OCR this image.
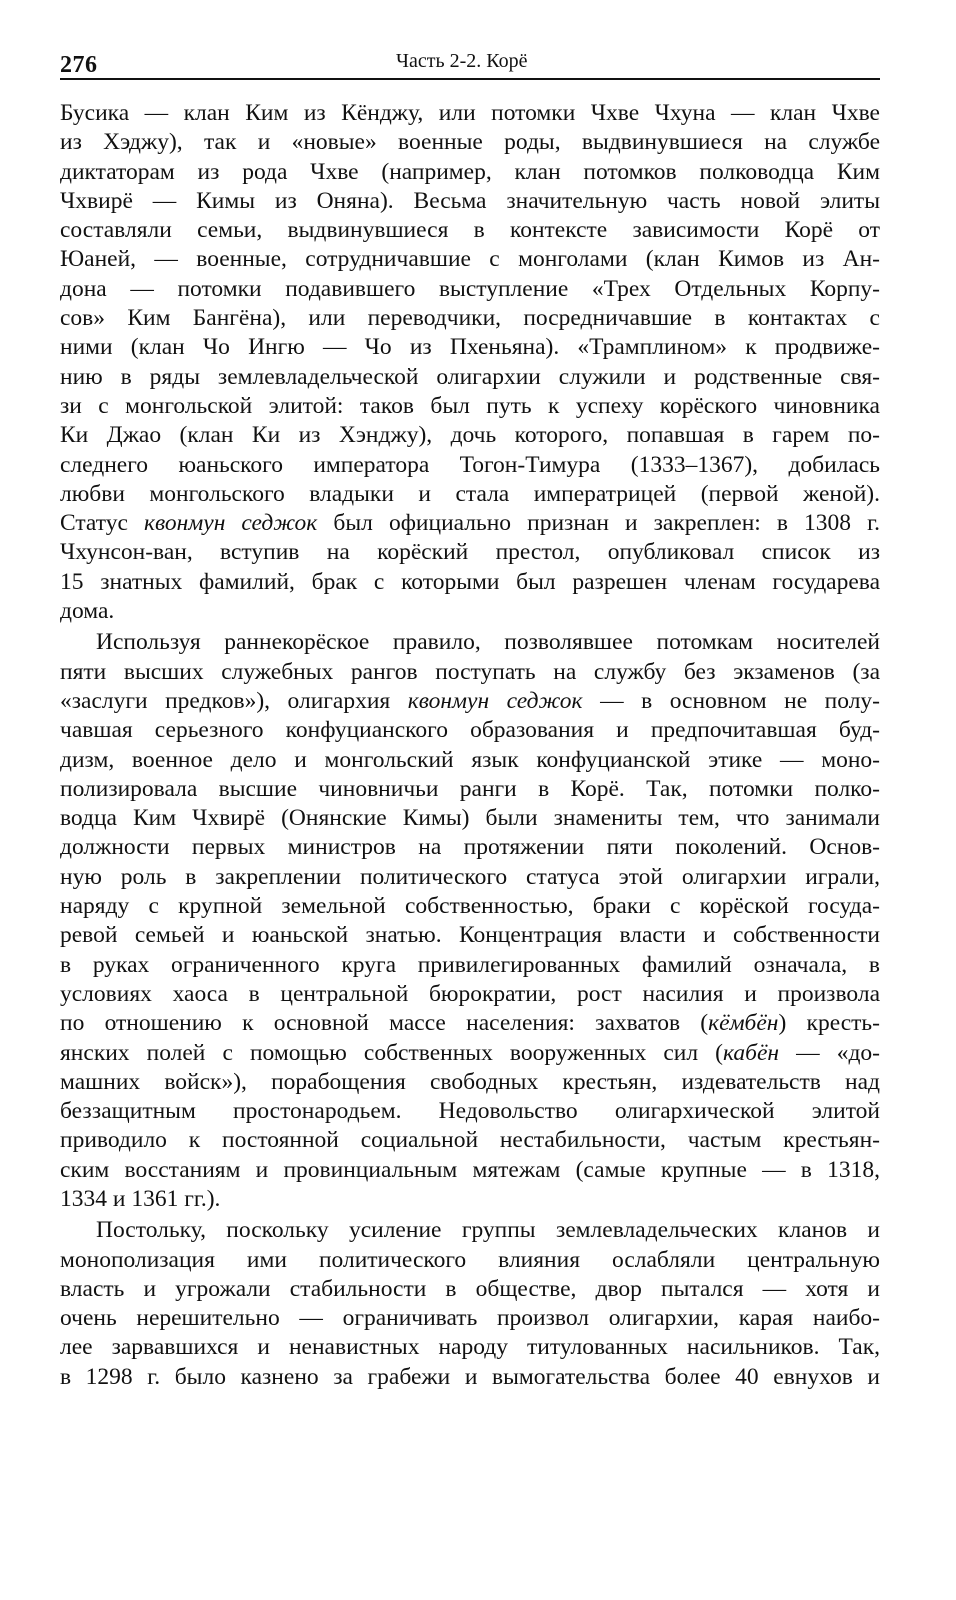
276	Часть 2-2. Корё
Бусика — клан Ким из Кёнджу, или потомки Чхве Чхуна — клан Чхве
из Хэджу), так и «новые» военные роды, выдвинувшиеся на службе
диктаторам из рода Чхве (например, клан потомков полководца Ким
Чхвирё — Кимы из Оняна). Весьма значительную часть новой элиты
составляли семьи, выдвинувшиеся в контексте зависимости Корё от
Юаней, — военные, сотрудничавшие с монголами (клан Кимов из Ан-
дона — потомки подавившего выступление «Трех Отдельных Корпу-
сов» Ким Бангёна), или переводчики, посредничавшие в контактах с
ними (клан Чо Ингю — Чо из Пхеньяна). «Трамплином» к продвиже-
нию в ряды землевладельческой олигархии служили и родственные свя-
зи с монгольской элитой: таков был путь к успеху корёского чиновника
Ки Джао (клан Ки из Хэнджу), дочь которого, попавшая в гарем по-
следнего юаньского императора Тогон-Тимура (1333–1367), добилась
любви монгольского владыки и стала императрицей (первой женой).
Статус квонмун седжок был официально признан и закреплен: в 1308 г.
Чхунсон-ван, вступив на корёский престол, опубликовал список из
15 знатных фамилий, брак с которыми был разрешен членам государева
дома.
Используя раннекорёское правило, позволявшее потомкам носителей
пяти высших служебных рангов поступать на службу без экзаменов (за
«заслуги предков»), олигархия квонмун седжок — в основном не полу-
чавшая серьезного конфуцианского образования и предпочитавшая буд-
дизм, военное дело и монгольский язык конфуцианской этике — моно-
полизировала высшие чиновничьи ранги в Корё. Так, потомки полко-
водца Ким Чхвирё (Онянские Кимы) были знамениты тем, что занимали
должности первых министров на протяжении пяти поколений. Основ-
ную роль в закреплении политического статуса этой олигархии играли,
наряду с крупной земельной собственностью, браки с корёской госуда-
ревой семьей и юаньской знатью. Концентрация власти и собственности
в руках ограниченного круга привилегированных фамилий означала, в
условиях хаоса в центральной бюрократии, рост насилия и произвола
по отношению к основной массе населения: захватов (кёмбён) кресть-
янских полей с помощью собственных вооруженных сил (кабён — «до-
машних войск»), порабощения свободных крестьян, издевательств над
беззащитным простонародьем. Недовольство олигархической элитой
приводило к постоянной социальной нестабильности, частым крестьян-
ским восстаниям и провинциальным мятежам (самые крупные — в 1318,
1334 и 1361 гг.).
Постольку, поскольку усиление группы землевладельческих кланов и
монополизация ими политического влияния ослабляли центральную
власть и угрожали стабильности в обществе, двор пытался — хотя и
очень нерешительно — ограничивать произвол олигархии, карая наибо-
лее зарвавшихся и ненавистных народу титулованных насильников. Так,
в 1298 г. было казнено за грабежи и вымогательства более 40 евнухов и
